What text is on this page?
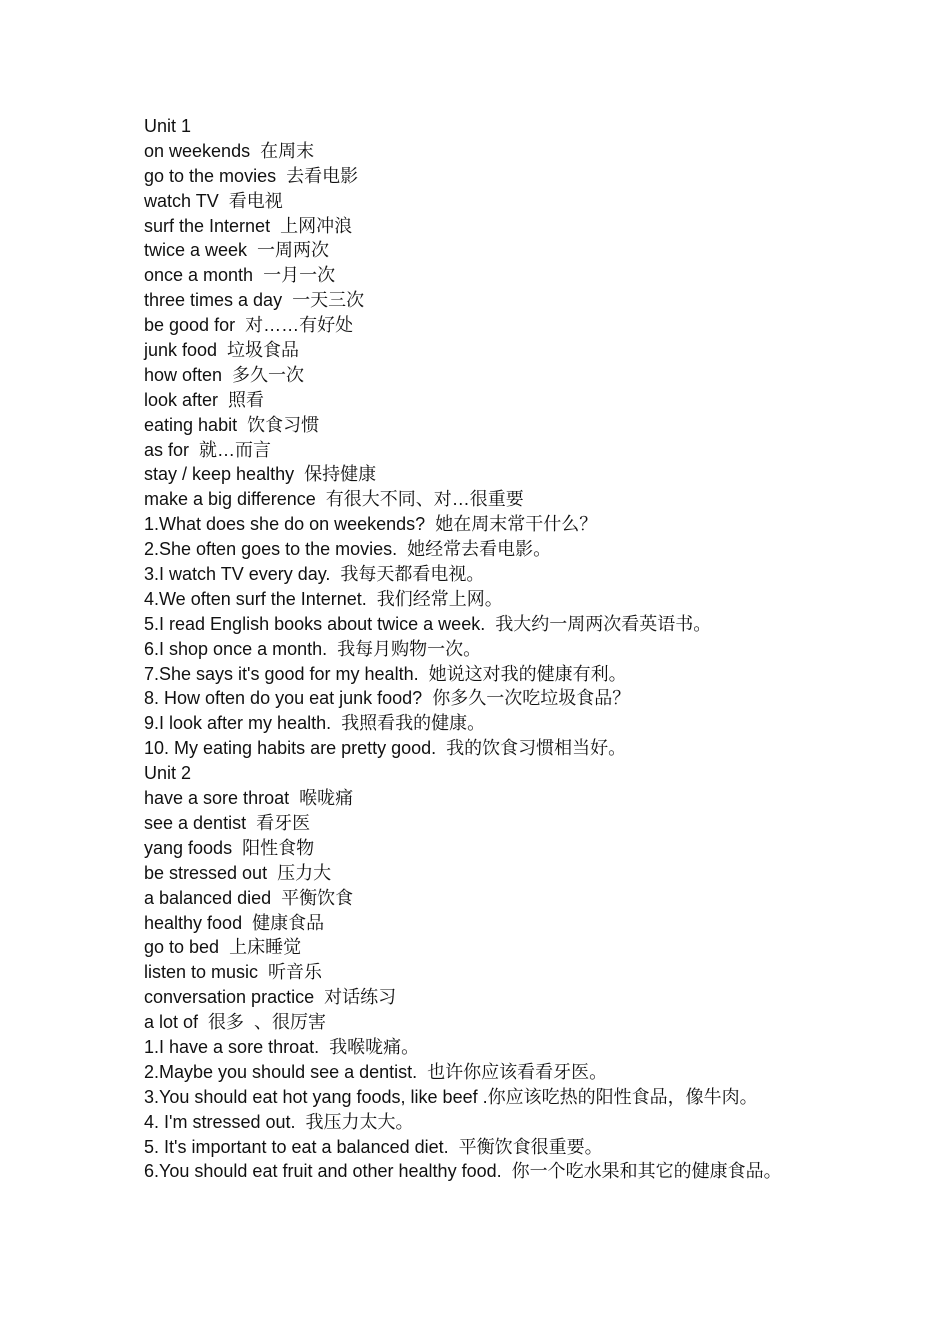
Unit 1
on weekends  在周末
go to the movies  去看电影
watch TV  看电视
surf the Internet  上网冲浪
twice a week  一周两次
once a month  一月一次
three times a day  一天三次
be good for  对……有好处
junk food  垃圾食品
how often  多久一次
look after  照看
eating habit  饮食习惯
as for  就…而言
stay / keep healthy  保持健康
make a big difference  有很大不同、对…很重要
1.What does she do on weekends?  她在周末常干什么？
2.She often goes to the movies.  她经常去看电影。
3.I watch TV every day.  我每天都看电视。
4.We often surf the Internet.  我们经常上网。
5.I read English books about twice a week.  我大约一周两次看英语书。
6.I shop once a month.  我每月购物一次。
7.She says it's good for my health.  她说这对我的健康有利。
8. How often do you eat junk food?  你多久一次吃垃圾食品？
9.I look after my health.  我照看我的健康。
10. My eating habits are pretty good.  我的饮食习惯相当好。
Unit 2
have a sore throat  喉咙痛
see a dentist  看牙医
yang foods  阳性食物
be stressed out  压力大
a balanced died  平衡饮食
healthy food  健康食品
go to bed  上床睡觉
listen to music  听音乐
conversation practice  对话练习
a lot of  很多  、很厉害
1.I have a sore throat.  我喉咙痛。
2.Maybe you should see a dentist.  也许你应该看看牙医。
3.You should eat hot yang foods, like beef .你应该吃热的阳性食品，像牛肉。
4. I'm stressed out.  我压力太大。
5. It's important to eat a balanced diet.  平衡饮食很重要。
6.You should eat fruit and other healthy food.  你一个吃水果和其它的健康食品。
